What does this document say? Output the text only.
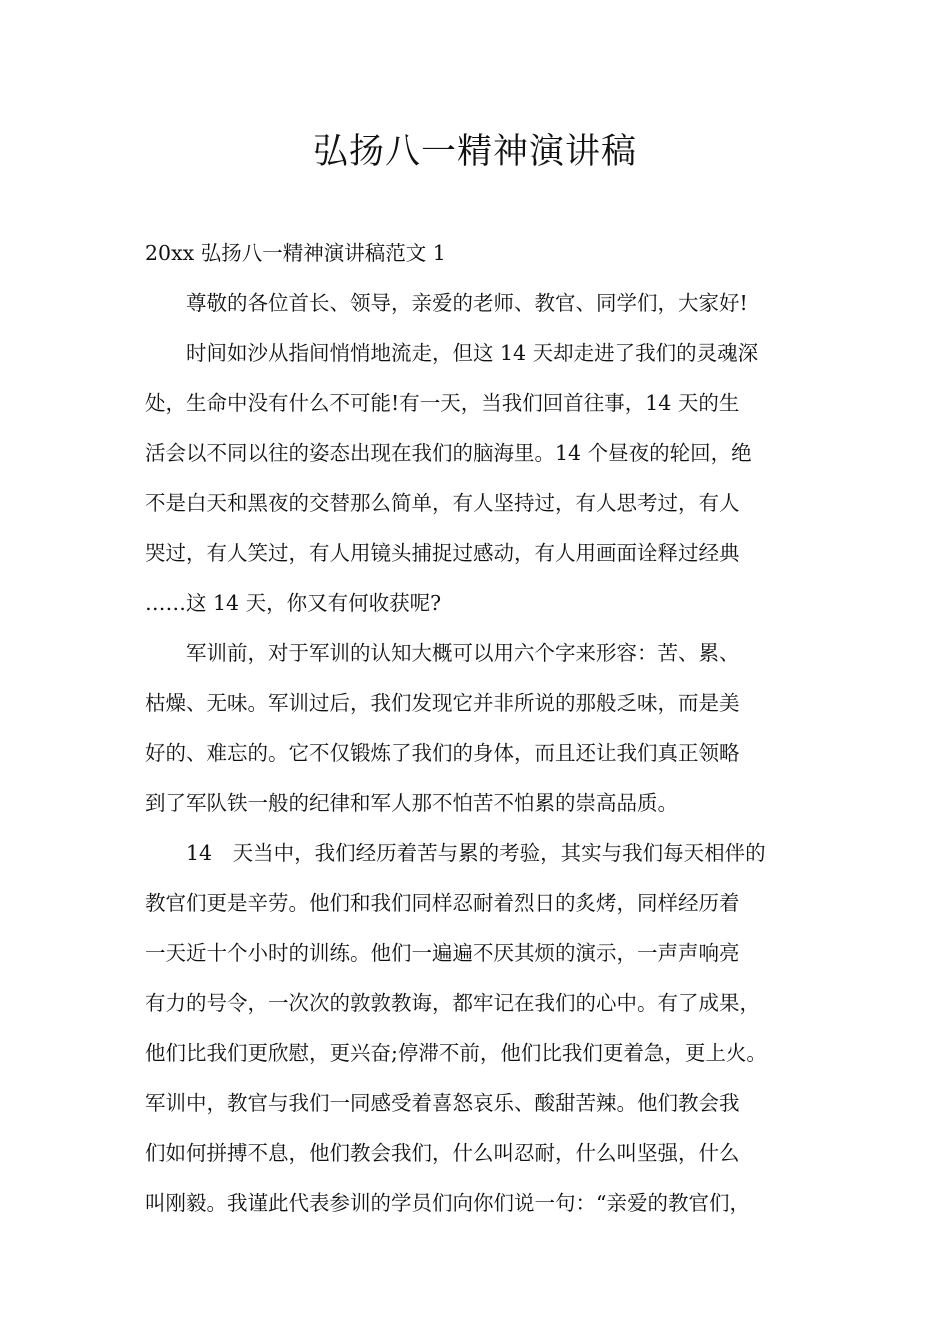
弘扬八一精神演讲稿
20xx 弘扬八一精神演讲稿范文 1
　　尊敬的各位首长、领导，亲爱的老师、教官、同学们，大家好!
　　时间如沙从指间悄悄地流走，但这 14 天却走进了我们的灵魂深
处，生命中没有什么不可能!有一天，当我们回首往事，14 天的生
活会以不同以往的姿态出现在我们的脑海里。14 个昼夜的轮回，绝
不是白天和黑夜的交替那么简单，有人坚持过，有人思考过，有人
哭过，有人笑过，有人用镜头捕捉过感动，有人用画面诠释过经典
……这 14 天，你又有何收获呢?
　　军训前，对于军训的认知大概可以用六个字来形容：苦、累、
枯燥、无味。军训过后，我们发现它并非所说的那般乏味，而是美
好的、难忘的。它不仅锻炼了我们的身体，而且还让我们真正领略
到了军队铁一般的纪律和军人那不怕苦不怕累的崇高品质。
　　14　天当中，我们经历着苦与累的考验，其实与我们每天相伴的
教官们更是辛劳。他们和我们同样忍耐着烈日的炙烤，同样经历着
一天近十个小时的训练。他们一遍遍不厌其烦的演示，一声声响亮
有力的号令，一次次的敦敦教诲，都牢记在我们的心中。有了成果，
他们比我们更欣慰，更兴奋;停滞不前，他们比我们更着急，更上火。
军训中，教官与我们一同感受着喜怒哀乐、酸甜苦辣。他们教会我
们如何拼搏不息，他们教会我们，什么叫忍耐，什么叫坚强，什么
叫刚毅。我谨此代表参训的学员们向你们说一句：“亲爱的教官们，
